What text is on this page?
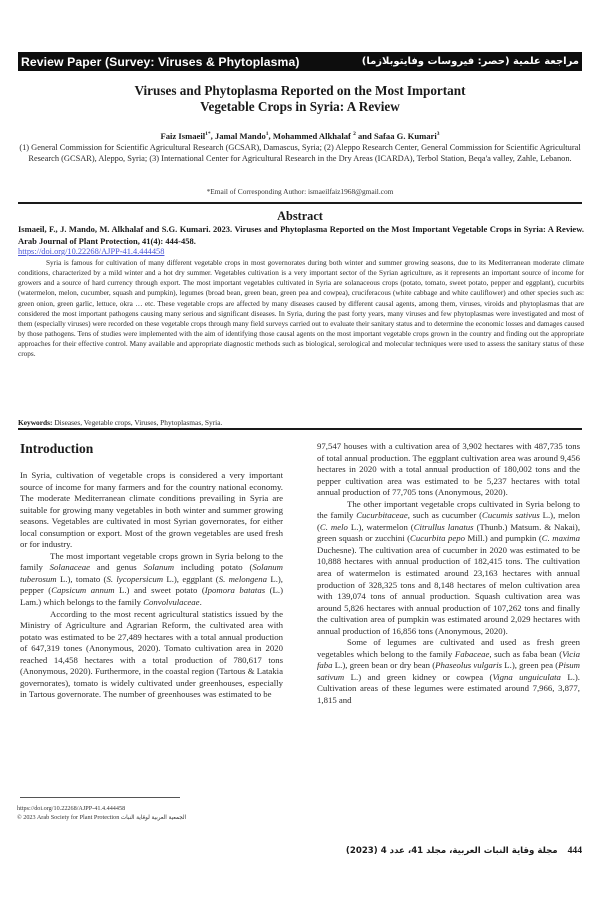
Review Paper (Survey: Viruses & Phytoplasma)	مراجعة علمية (حصر: فيروسات وفايتوبلازما)
Viruses and Phytoplasma Reported on the Most Important
Vegetable Crops in Syria: A Review
Faiz Ismaeil$^{1*}$, Jamal Mando$^1$, Mohammed Alkhalaf $^2$ and Safaa G. Kumari$^3$
(1) General Commission for Scientific Agricultural Research (GCSAR), Damascus, Syria; (2) Aleppo Research Center, General Commission for Scientific Agricultural Research (GCSAR), Aleppo, Syria; (3) International Center for Agricultural Research in the Dry Areas (ICARDA), Terbol Station, Beqa'a valley, Zahle, Lebanon.
*Email of Corresponding Author: ismaeilfaiz1968@gmail.com
Abstract
Ismaeil, F., J. Mando, M. Alkhalaf and S.G. Kumari. 2023. Viruses and Phytoplasma Reported on the Most Important Vegetable Crops in Syria: A Review. Arab Journal of Plant Protection, 41(4): 444-458.
https://doi.org/10.22268/AJPP-41.4.444458
Syria is famous for cultivation of many different vegetable crops in most governorates during both winter and summer growing seasons, due to its Mediterranean moderate climate conditions, characterized by a mild winter and a hot dry summer. Vegetables cultivation is a very important sector of the Syrian agriculture, as it represents an important source of income for growers and a source of hard currency through export. The most important vegetables cultivated in Syria are solanaceous crops (potato, tomato, sweet potato, pepper and eggplant), cucurbits (watermelon, melon, cucumber, squash and pumpkin), legumes (broad bean, green bean, green pea and cowpea), cruciferacous (white cabbage and white cauliflower) and other species such as: green onion, green garlic, lettuce, okra … etc. These vegetable crops are affected by many diseases caused by different causal agents, among them, viruses, viroids and phytoplasmas that are considered the most important pathogens causing many serious and significant diseases. In Syria, during the past forty years, many viruses and few phytoplasmas were investigated and most of them (especially viruses) were recorded on these vegetable crops through many field surveys carried out to evaluate their sanitary status and to determine the economic losses and damages caused by those pathogens. Tens of studies were implemented with the aim of identifying those causal agents on the most important vegetable crops grown in the country and finding out the appropriate approaches for their effective control. Many available and appropriate diagnostic methods such as biological, serological and molecular techniques were used to assess the sanitary status of these crops.
Keywords: Diseases, Vegetable crops, Viruses, Phytoplasmas, Syria.
Introduction

In Syria, cultivation of vegetable crops is considered a very important source of income for many farmers and for the country national economy. The moderate Mediterranean climate conditions prevailing in Syria are suitable for growing many vegetables in both winter and summer growing seasons. Vegetables are cultivated in most Syrian governorates, for either local consumption or export. Most of the grown vegetables are used fresh or for industry.

The most important vegetable crops grown in Syria belong to the family Solanaceae and genus Solanum including potato (Solanum tuberosum L.), tomato (S. lycopersicum L.), eggplant (S. melongena L.), pepper (Capsicum annum L.) and sweet potato (Ipomora batatas (L.) Lam.) which belongs to the family Convolvulaceae.

According to the most recent agricultural statistics issued by the Ministry of Agriculture and Agrarian Reform, the cultivated area with potato was estimated to be 27,489 hectares with a total annual production of 647,319 tones (Anonymous, 2020). Tomato cultivation area in 2020 reached 14,458 hectares with a total production of 780,617 tons (Anonymous, 2020). Furthermore, in the coastal region (Tartous & Latakia governorates), tomato is widely cultivated under greenhouses, especially in Tartous governorate. The number of greenhouses was estimated to be

97,547 houses with a cultivation area of 3,902 hectares with 487,735 tons of total annual production. The eggplant cultivation area was around 9,456 hectares in 2020 with a total annual production of 180,002 tons and the pepper cultivation area was estimated to be 5,237 hectares with total annual production of 77,705 tons (Anonymous, 2020).

The other important vegetable crops cultivated in Syria belong to the family Cucurbitaceae, such as cucumber (Cucumis sativus L.), melon (C. melo L.), watermelon (Citrullus lanatus (Thunb.) Matsum. & Nakai), green squash or zucchini (Cucurbita pepo Mill.) and pumpkin (C. maxima Duchesne). The cultivation area of cucumber in 2020 was estimated to be 10,888 hectares with annual production of 182,415 tons. The cultivation area of watermelon is estimated around 23,163 hectares with annual production of 328,325 tons and 8,148 hectares of melon cultivation area with 139,074 tons of annual production. Squash cultivation area was around 5,826 hectares with annual production of 107,262 tons and finally the cultivation area of pumpkin was estimated around 2,029 hectares with annual production of 16,856 tons (Anonymous, 2020).

Some of legumes are cultivated and used as fresh green vegetables which belong to the family Fabaceae, such as faba bean (Vicia faba L.), green bean or dry bean (Phaseolus vulgaris L.), green pea (Pisum sativum L.) and green kidney or cowpea (Vigna unguiculata L.). Cultivation areas of these legumes were estimated around 7,966, 3,877, 1,815 and

https://doi.org/10.22268/AJPP-41.4.444458
© 2023 Arab Society for Plant Protection الجمعية العربية لوقاية النبات
مجلة وقاية النبات العربية، مجلد 41، عدد 4 (2023) 444
